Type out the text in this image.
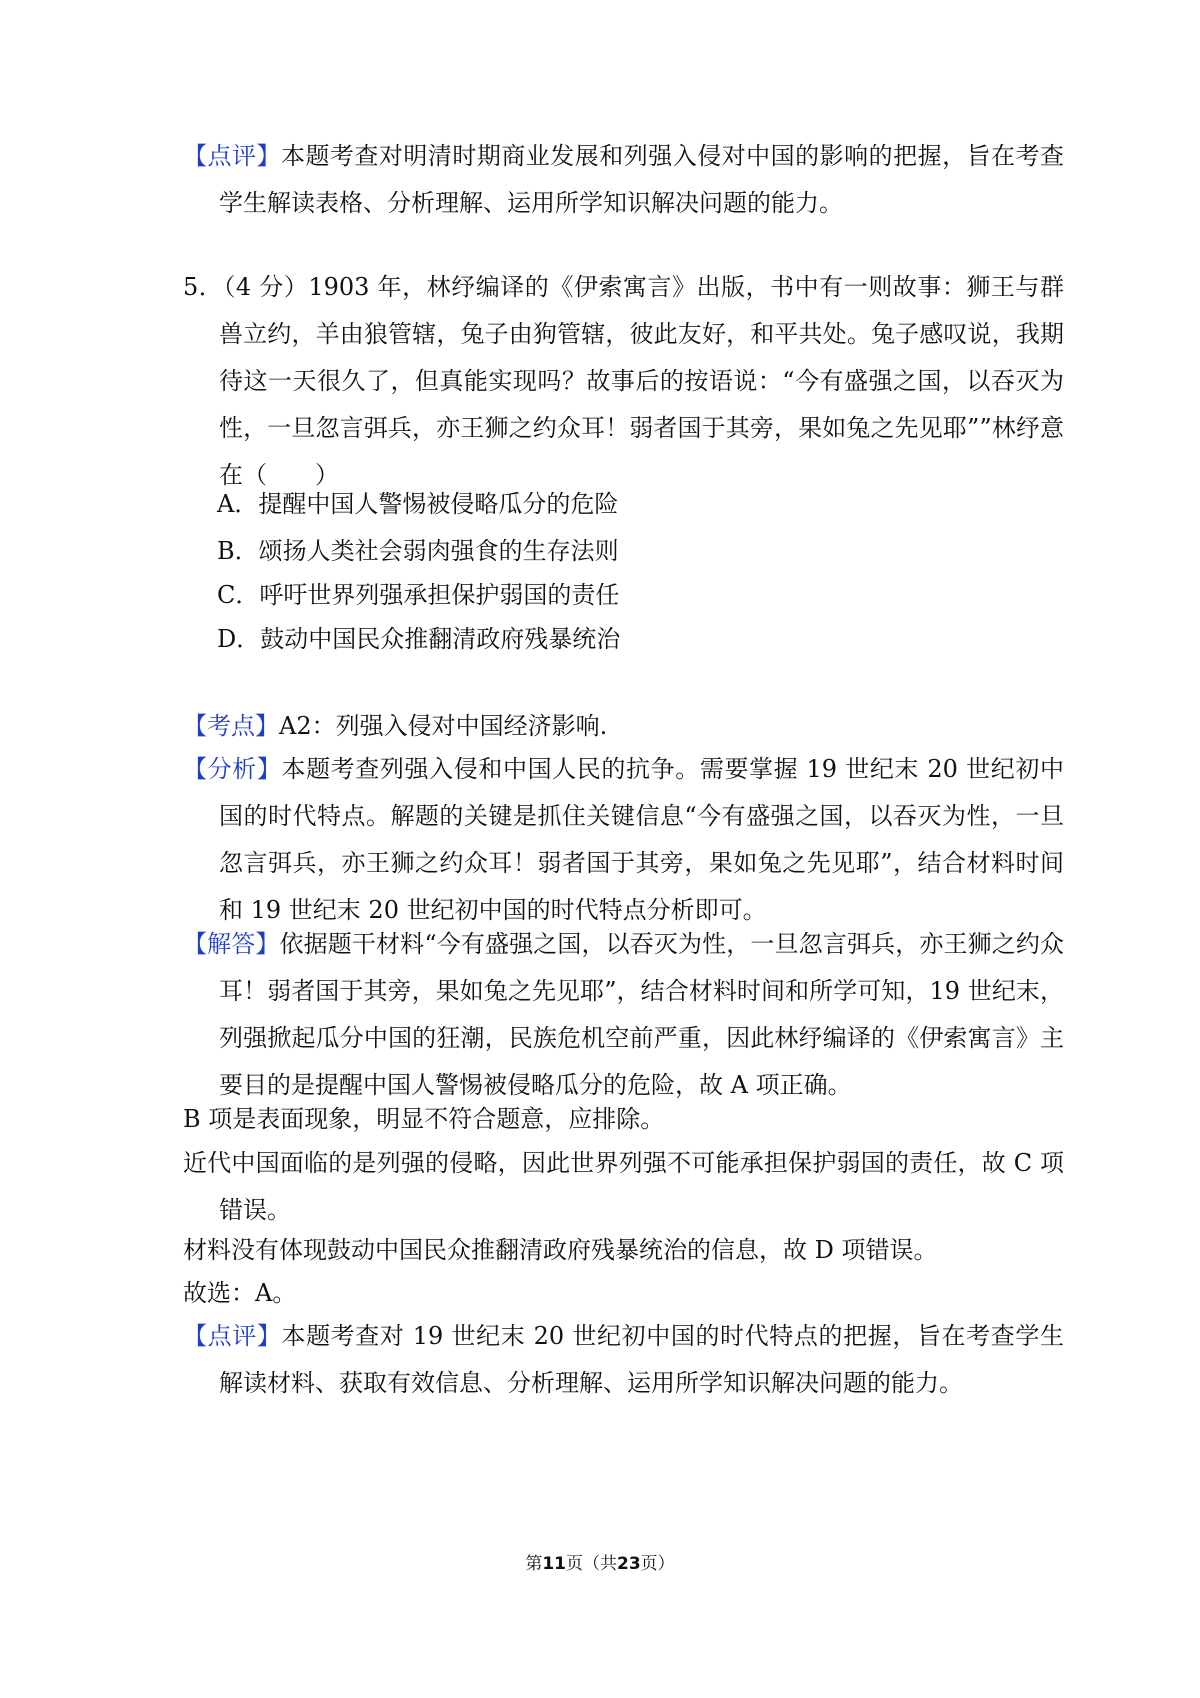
【点评】本题考查对明清时期商业发展和列强入侵对中国的影响的把握，旨在考查学生解读表格、分析理解、运用所学知识解决问题的能力。
5．（4 分）1903 年，林纾编译的《伊索寓言》出版，书中有一则故事：狮王与群兽立约，羊由狼管辖，兔子由狗管辖，彼此友好，和平共处。兔子感叹说，我期待这一天很久了，但真能实现吗？故事后的按语说：“今有盛强之国，以吞灭为性，一旦忽言弭兵，亦王狮之约众耳！弱者国于其旁，果如兔之先见耶””林纾意在（　　）
A．提醒中国人警惕被侵略瓜分的危险
B．颂扬人类社会弱肉强食的生存法则
C．呼吁世界列强承担保护弱国的责任
D．鼓动中国民众推翻清政府残暴统治
【考点】A2：列强入侵对中国经济影响.
【分析】本题考查列强入侵和中国人民的抗争。需要掌握 19 世纪末 20 世纪初中国的时代特点。解题的关键是抓住关键信息“今有盛强之国，以吞灭为性，一旦忽言弭兵，亦王狮之约众耳！弱者国于其旁，果如兔之先见耶”，结合材料时间和 19 世纪末 20 世纪初中国的时代特点分析即可。
【解答】依据题干材料“今有盛强之国，以吞灭为性，一旦忽言弭兵，亦王狮之约众耳！弱者国于其旁，果如兔之先见耶”，结合材料时间和所学可知，19 世纪末，列强掀起瓜分中国的狂潮，民族危机空前严重，因此林纾编译的《伊索寓言》主要目的是提醒中国人警惕被侵略瓜分的危险，故 A 项正确。
B 项是表面现象，明显不符合题意，应排除。
近代中国面临的是列强的侵略，因此世界列强不可能承担保护弱国的责任，故 C 项错误。
材料没有体现鼓动中国民众推翻清政府残暴统治的信息，故 D 项错误。
故选：A。
【点评】本题考查对 19 世纪末 20 世纪初中国的时代特点的把握，旨在考查学生解读材料、获取有效信息、分析理解、运用所学知识解决问题的能力。
第11页（共23页）
